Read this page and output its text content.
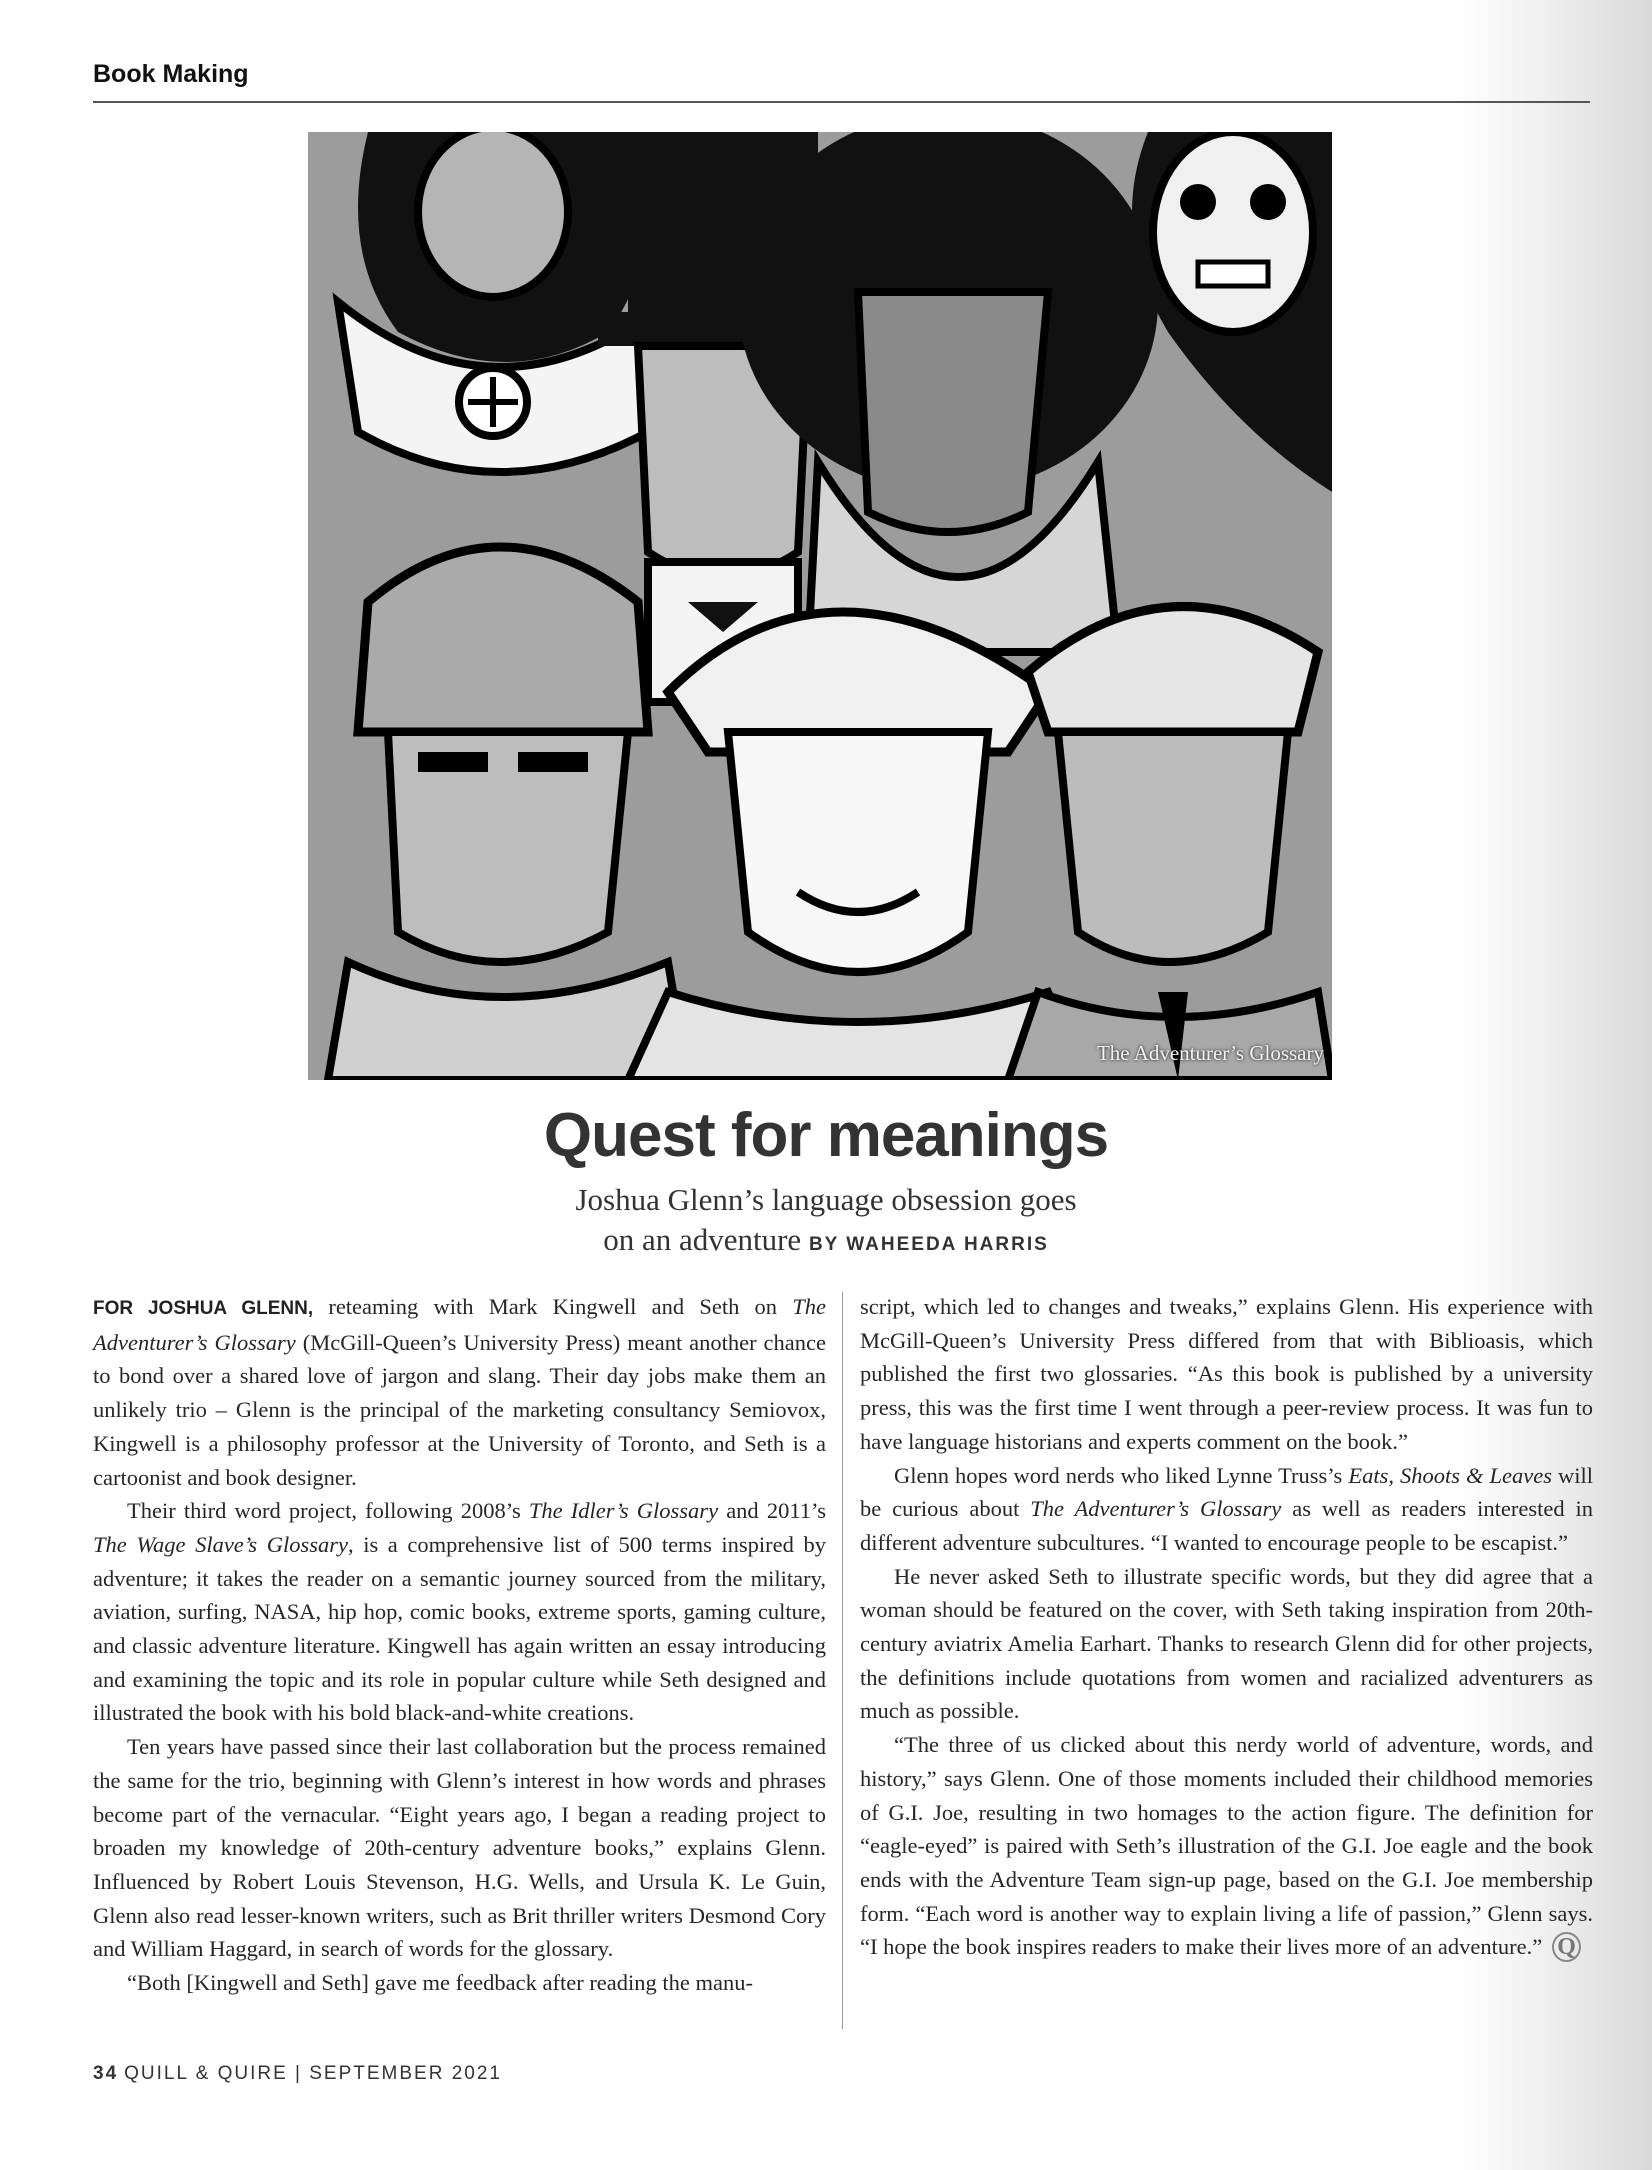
Book Making
The Adventurer’s Glossary
Quest for meanings
Joshua Glenn’s language obsession goes
on an adventure BY WAHEEDA HARRIS

FOR JOSHUA GLENN, reteaming with Mark Kingwell and Seth on The Adventurer’s Glossary (McGill-Queen’s University Press) meant another chance to bond over a shared love of jargon and slang. Their day jobs make them an unlikely trio – Glenn is the principal of the marketing consultancy Semiovox, Kingwell is a philosophy professor at the University of Toronto, and Seth is a cartoonist and book designer.

Their third word project, following 2008’s The Idler’s Glossary and 2011’s The Wage Slave’s Glossary, is a comprehensive list of 500 terms inspired by adventure; it takes the reader on a semantic journey sourced from the military, aviation, surfing, NASA, hip hop, comic books, extreme sports, gaming culture, and classic adventure literature. Kingwell has again written an essay introducing and examining the topic and its role in popular culture while Seth designed and illustrated the book with his bold black-and-white creations.

Ten years have passed since their last collaboration but the process remained the same for the trio, beginning with Glenn’s interest in how words and phrases become part of the vernacular. “Eight years ago, I began a reading project to broaden my knowledge of 20th-century adventure books,” explains Glenn. Influenced by Robert Louis Stevenson, H.G. Wells, and Ursula K. Le Guin, Glenn also read lesser-known writers, such as Brit thriller writers Desmond Cory and William Haggard, in search of words for the glossary.

“Both [Kingwell and Seth] gave me feedback after reading the manu-

script, which led to changes and tweaks,” explains Glenn. His experience with McGill-Queen’s University Press differed from that with Biblioasis, which published the first two glossaries. “As this book is published by a university press, this was the first time I went through a peer-review process. It was fun to have language historians and experts comment on the book.”

Glenn hopes word nerds who liked Lynne Truss’s Eats, Shoots & Leaves will be curious about The Adventurer’s Glossary as well as readers interested in different adventure subcultures. “I wanted to encourage people to be escapist.”

He never asked Seth to illustrate specific words, but they did agree that a woman should be featured on the cover, with Seth taking inspiration from 20th-century aviatrix Amelia Earhart. Thanks to research Glenn did for other projects, the definitions include quotations from women and racialized adventurers as much as possible.

“The three of us clicked about this nerdy world of adventure, words, and history,” says Glenn. One of those moments included their childhood memories of G.I. Joe, resulting in two homages to the action figure. The definition for “eagle-eyed” is paired with Seth’s illustration of the G.I. Joe eagle and the book ends with the Adventure Team sign-up page, based on the G.I. Joe membership form. “Each word is another way to explain living a life of passion,” Glenn says. “I hope the book inspires readers to make their lives more of an adventure.” Q

34 QUILL & QUIRE | SEPTEMBER 2021
